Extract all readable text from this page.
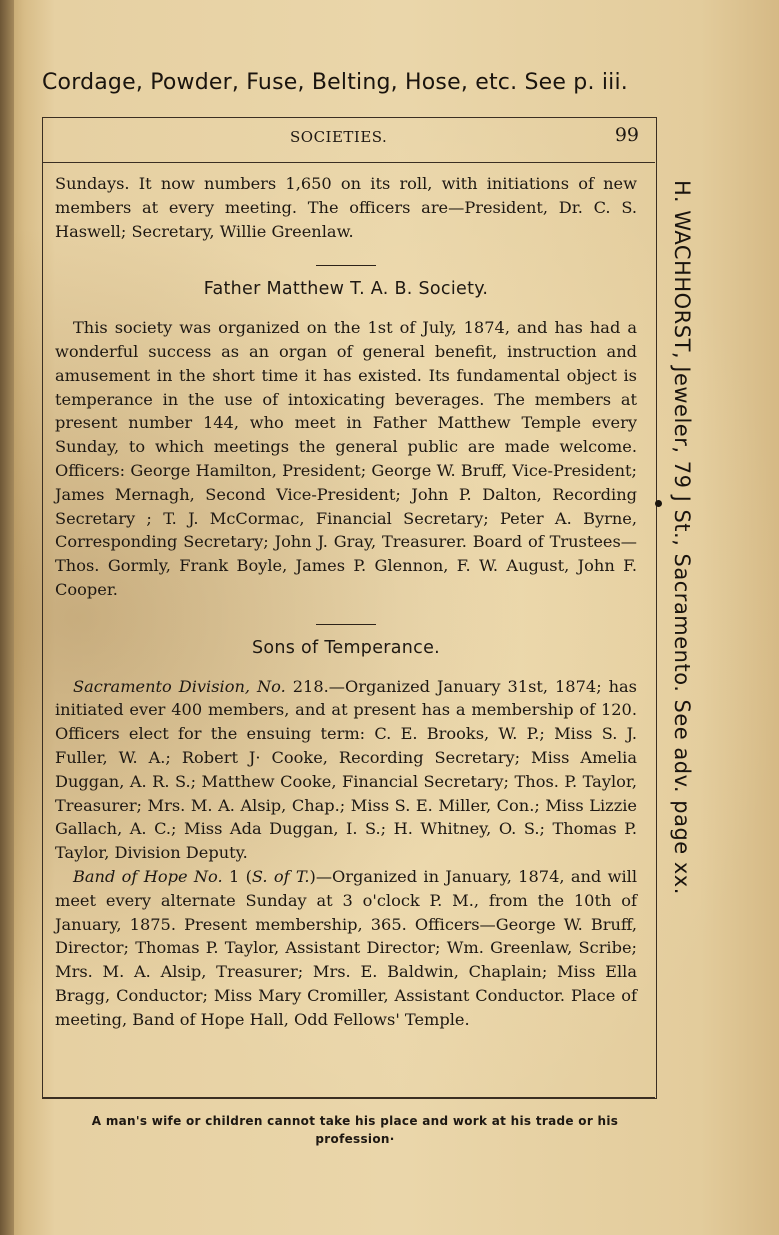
Cordage, Powder, Fuse, Belting, Hose, etc. See p. iii.
SOCIETIES.	99

Sundays. It now numbers 1,650 on its roll, with initiations of new members at every meeting. The officers are—President, Dr. C. S. Haswell; Secretary, Willie Greenlaw.

Father Matthew T. A. B. Society.

This society was organized on the 1st of July, 1874, and has had a wonderful success as an organ of general benefit, instruction and amusement in the short time it has existed. Its fundamental object is temperance in the use of intoxicating beverages. The members at present number 144, who meet in Father Matthew Temple every Sunday, to which meetings the general public are made welcome. Officers: George Hamilton, President; George W. Bruff, Vice-President; James Mernagh, Second Vice-President; John P. Dalton, Recording Secretary ; T. J. McCormac, Financial Secretary; Peter A. Byrne, Corresponding Secretary; John J. Gray, Treasurer. Board of Trustees—Thos. Gormly, Frank Boyle, James P. Glennon, F. W. August, John F. Cooper.

Sons of Temperance.

Sacramento Division, No. 218.—Organized January 31st, 1874; has initiated ever 400 members, and at present has a membership of 120. Officers elect for the ensuing term: C. E. Brooks, W. P.; Miss S. J. Fuller, W. A.; Robert J· Cooke, Recording Secretary; Miss Amelia Duggan, A. R. S.; Matthew Cooke, Financial Secretary; Thos. P. Taylor, Treasurer; Mrs. M. A. Alsip, Chap.; Miss S. E. Miller, Con.; Miss Lizzie Gallach, A. C.; Miss Ada Duggan, I. S.; H. Whitney, O. S.; Thomas P. Taylor, Division Deputy.

Band of Hope No. 1 (S. of T.)—Organized in January, 1874, and will meet every alternate Sunday at 3 o'clock P. M., from the 10th of January, 1875. Present membership, 365. Officers—George W. Bruff, Director; Thomas P. Taylor, Assistant Director; Wm. Greenlaw, Scribe; Mrs. M. A. Alsip, Treasurer; Mrs. E. Baldwin, Chaplain; Miss Ella Bragg, Conductor; Miss Mary Cromiller, Assistant Conductor. Place of meeting, Band of Hope Hall, Odd Fellows' Temple.

A man's wife or children cannot take his place and work at his trade or his profession·
H. WACHHORST, Jeweler, 79 J St., Sacramento. See adv. page xx.
